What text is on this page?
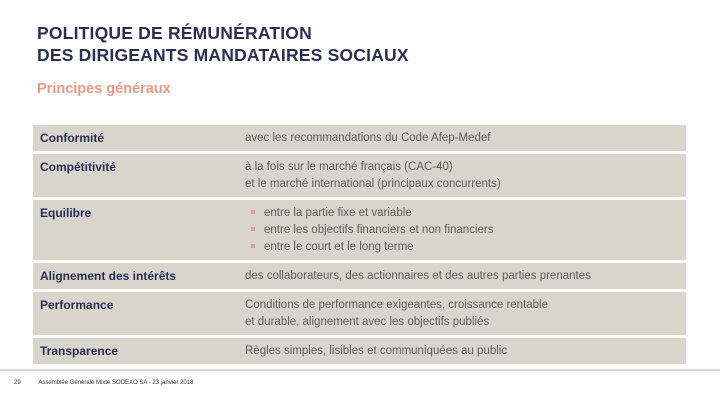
POLITIQUE DE RÉMUNÉRATION
DES DIRIGEANTS MANDATAIRES SOCIAUX
Principes généraux
Conformité	avec les recommandations du Code Afep-Medef
Compétitivité	à la fois sur le marché français (CAC-40)
et le marché international (principaux concurrents)
Equilibre	entre la partie fixe et variable
entre les objectifs financiers et non financiers
entre le court et le long terme
Alignement des intérêts	des collaborateurs, des actionnaires et des autres parties prenantes
Performance	Conditions de performance exigeantes, croissance rentable
et durable, alignement avec les objectifs publiés
Transparence	Règles simples, lisibles et communiquées au public
29	Assemblée Générale Mixte SODEXO SA - 23 janvier 2018
